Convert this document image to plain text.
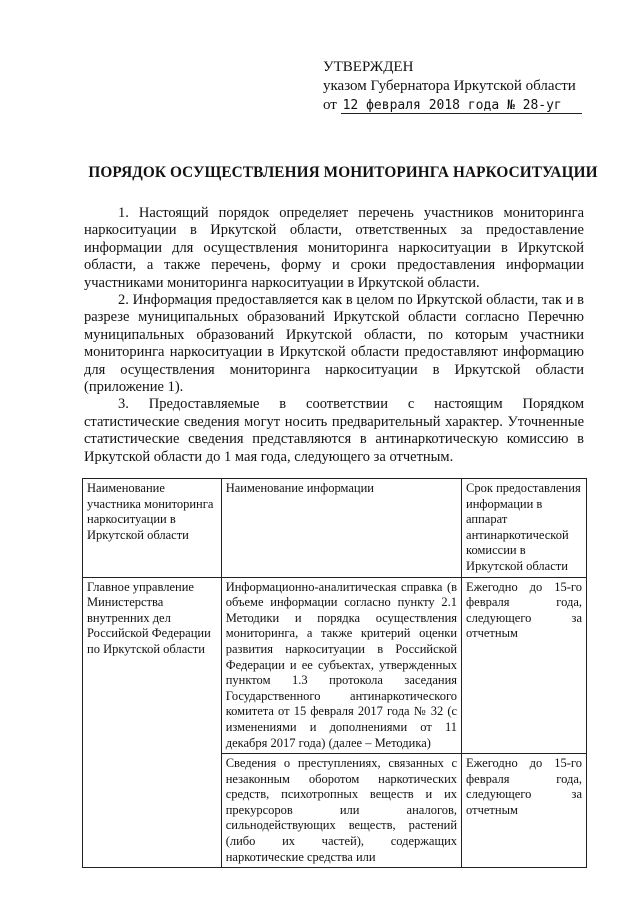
УТВЕРЖДЕН
указом Губернатора Иркутской области
от 12 февраля 2018 года № 28-уг
ПОРЯДОК ОСУЩЕСТВЛЕНИЯ МОНИТОРИНГА НАРКОСИТУАЦИИ

1. Настоящий порядок определяет перечень участников мониторинга наркоситуации в Иркутской области, ответственных за предоставление информации для осуществления мониторинга наркоситуации в Иркутской области, а также перечень, форму и сроки предоставления информации участниками мониторинга наркоситуации в Иркутской области.

2. Информация предоставляется как в целом по Иркутской области, так и в разрезе муниципальных образований Иркутской области согласно Перечню муниципальных образований Иркутской области, по которым участники мониторинга наркоситуации в Иркутской области предоставляют информацию для осуществления мониторинга наркоситуации в Иркутской области (приложение 1).

3. Предоставляемые в соответствии с настоящим Порядком статистические сведения могут носить предварительный характер. Уточненные статистические сведения представляются в антинаркотическую комиссию в Иркутской области до 1 мая года, следующего за отчетным.

Наименование участника мониторинга наркоситуации в Иркутской области	Наименование информации	Срок предоставления информации в аппарат антинаркотической комиссии в Иркутской области
Главное управление Министерства внутренних дел Российской Федерации по Иркутской области	Информационно-аналитическая справка (в объеме информации согласно пункту 2.1 Методики и порядка осуществления мониторинга, а также критерий оценки развития наркоситуации в Российской Федерации и ее субъектах, утвержденных пунктом 1.3 протокола заседания Государственного антинаркотического комитета от 15 февраля 2017 года № 32 (с изменениями и дополнениями от 11 декабря 2017 года) (далее – Методика)	Ежегодно до 15-го февраля года, следующего за отчетным
	Сведения о преступлениях, связанных с незаконным оборотом наркотических средств, психотропных веществ и их прекурсоров или аналогов, сильнодействующих веществ, растений (либо их частей), содержащих наркотические средства или	Ежегодно до 15-го февраля года, следующего за отчетным
